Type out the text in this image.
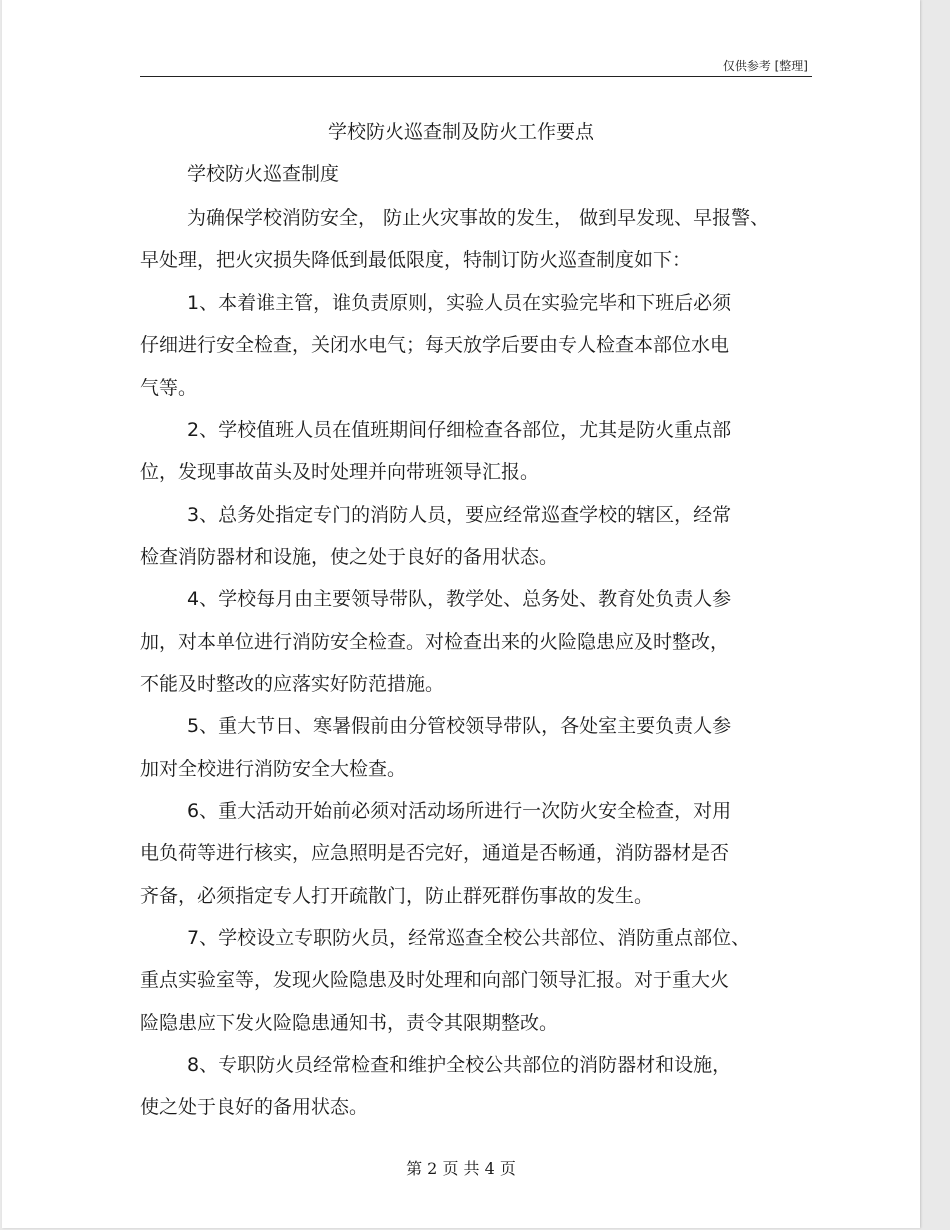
仅供参考 [整理]
学校防火巡查制及防火工作要点
学校防火巡查制度
为确保学校消防安全， 防止火灾事故的发生， 做到早发现、早报警、
早处理，把火灾损失降低到最低限度，特制订防火巡查制度如下：
1、本着谁主管，谁负责原则，实验人员在实验完毕和下班后必须
仔细进行安全检查，关闭水电气；每天放学后要由专人检查本部位水电
气等。
2、学校值班人员在值班期间仔细检查各部位，尤其是防火重点部
位，发现事故苗头及时处理并向带班领导汇报。
3、总务处指定专门的消防人员，要应经常巡查学校的辖区，经常
检查消防器材和设施，使之处于良好的备用状态。
4、学校每月由主要领导带队，教学处、总务处、教育处负责人参
加，对本单位进行消防安全检查。对检查出来的火险隐患应及时整改，
不能及时整改的应落实好防范措施。
5、重大节日、寒暑假前由分管校领导带队，各处室主要负责人参
加对全校进行消防安全大检查。
6、重大活动开始前必须对活动场所进行一次防火安全检查，对用
电负荷等进行核实，应急照明是否完好，通道是否畅通，消防器材是否
齐备，必须指定专人打开疏散门，防止群死群伤事故的发生。
7、学校设立专职防火员，经常巡查全校公共部位、消防重点部位、
重点实验室等，发现火险隐患及时处理和向部门领导汇报。对于重大火
险隐患应下发火险隐患通知书，责令其限期整改。
8、专职防火员经常检查和维护全校公共部位的消防器材和设施，
使之处于良好的备用状态。
第 2 页 共 4 页
